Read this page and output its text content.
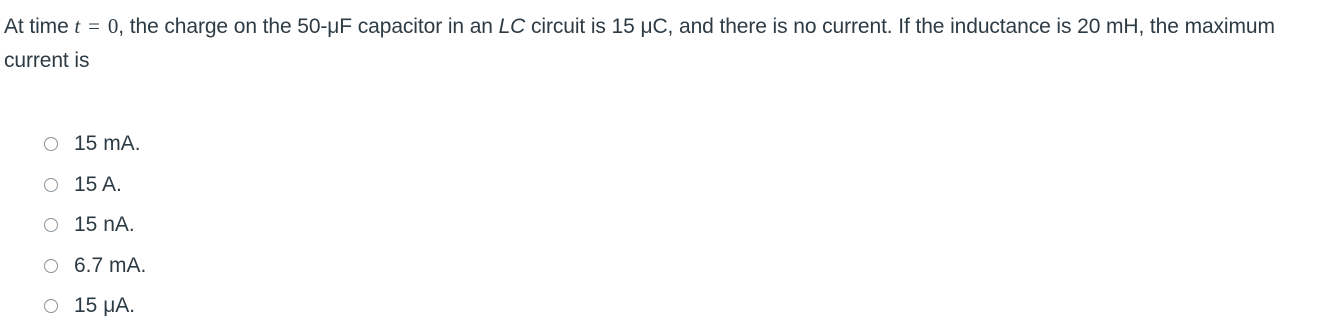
At time t = 0, the charge on the 50-μF capacitor in an LC circuit is 15 μC, and there is no current. If the inductance is 20 mH, the maximum current is
15 mA.
15 A.
15 nA.
6.7 mA.
15 μA.
